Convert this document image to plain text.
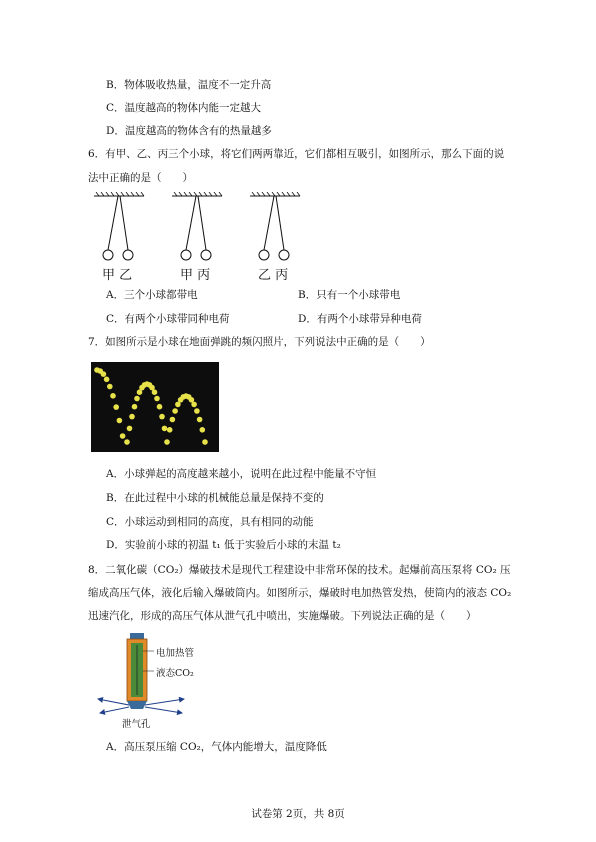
B．物体吸收热量，温度不一定升高
C．温度越高的物体内能一定越大
D．温度越高的物体含有的热量越多
6．有甲、乙、丙三个小球，将它们两两靠近，它们都相互吸引，如图所示，那么下面的说
法中正确的是（　　）
甲 乙	甲 丙	乙 丙
A．三个小球都带电	B．只有一个小球带电
C．有两个小球带同种电荷	D．有两个小球带异种电荷
7．如图所示是小球在地面弹跳的频闪照片，下列说法中正确的是（　　）
A．小球弹起的高度越来越小，说明在此过程中能量不守恒
B．在此过程中小球的机械能总量是保持不变的
C．小球运动到相同的高度，具有相同的动能
D．实验前小球的初温 t₁ 低于实验后小球的末温 t₂
8．二氧化碳（CO₂）爆破技术是现代工程建设中非常环保的技术。起爆前高压泵将 CO₂ 压
缩成高压气体，液化后输入爆破筒内。如图所示，爆破时电加热管发热，使筒内的液态 CO₂
迅速汽化，形成的高压气体从泄气孔中喷出，实施爆破。下列说法正确的是（　　）
电加热管
液态CO₂
泄气孔
A．高压泵压缩 CO₂，气体内能增大，温度降低
试卷第 2页，共 8页
